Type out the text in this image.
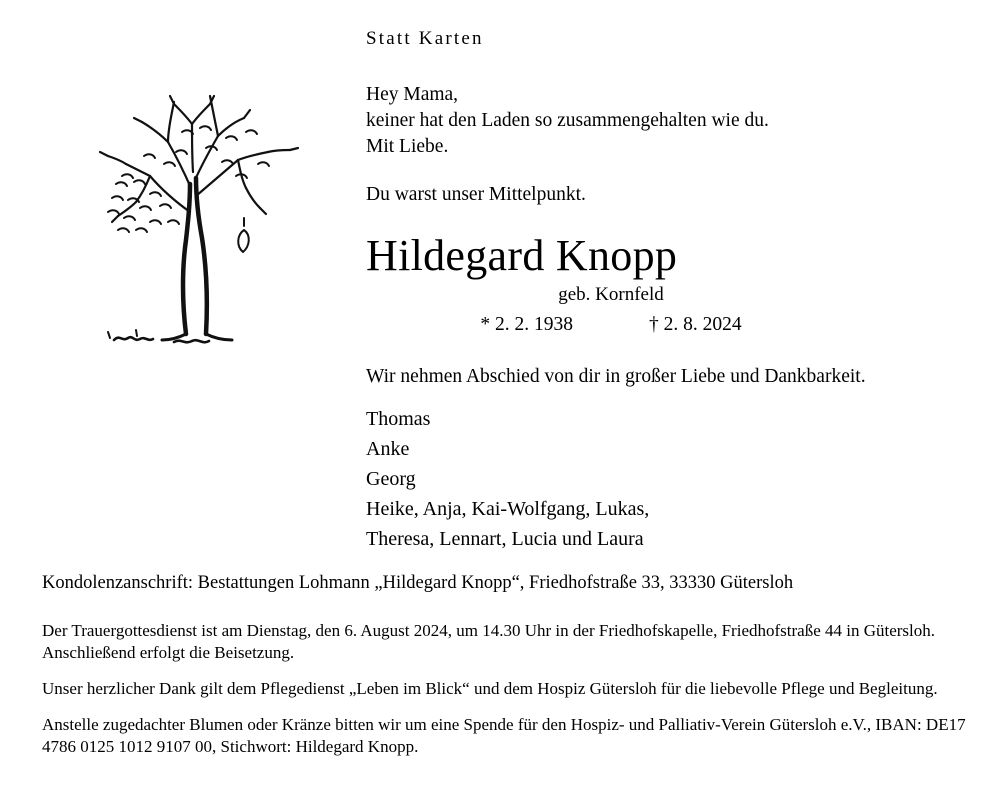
Statt Karten
Hey Mama,
keiner hat den Laden so zusammengehalten wie du.
Mit Liebe.
Du warst unser Mittelpunkt.
Hildegard Knopp
geb. Kornfeld
* 2. 2. 1938	† 2. 8. 2024
Wir nehmen Abschied von dir in großer Liebe und Dankbarkeit.
Thomas
Anke
Georg
Heike, Anja, Kai-Wolfgang, Lukas,
Theresa, Lennart, Lucia und Laura
Kondolenzanschrift: Bestattungen Lohmann „Hildegard Knopp“, Friedhofstraße 33, 33330 Gütersloh

Der Trauergottesdienst ist am Dienstag, den 6. August 2024, um 14.30 Uhr in der Friedhofskapelle, Friedhofstraße 44 in Gütersloh. Anschließend erfolgt die Beisetzung.

Unser herzlicher Dank gilt dem Pflegedienst „Leben im Blick“ und dem Hospiz Gütersloh für die liebevolle Pflege und Begleitung.

Anstelle zugedachter Blumen oder Kränze bitten wir um eine Spende für den Hospiz- und Palliativ-Verein Gütersloh e.V., IBAN: DE17 4786 0125 1012 9107 00, Stichwort: Hildegard Knopp.
